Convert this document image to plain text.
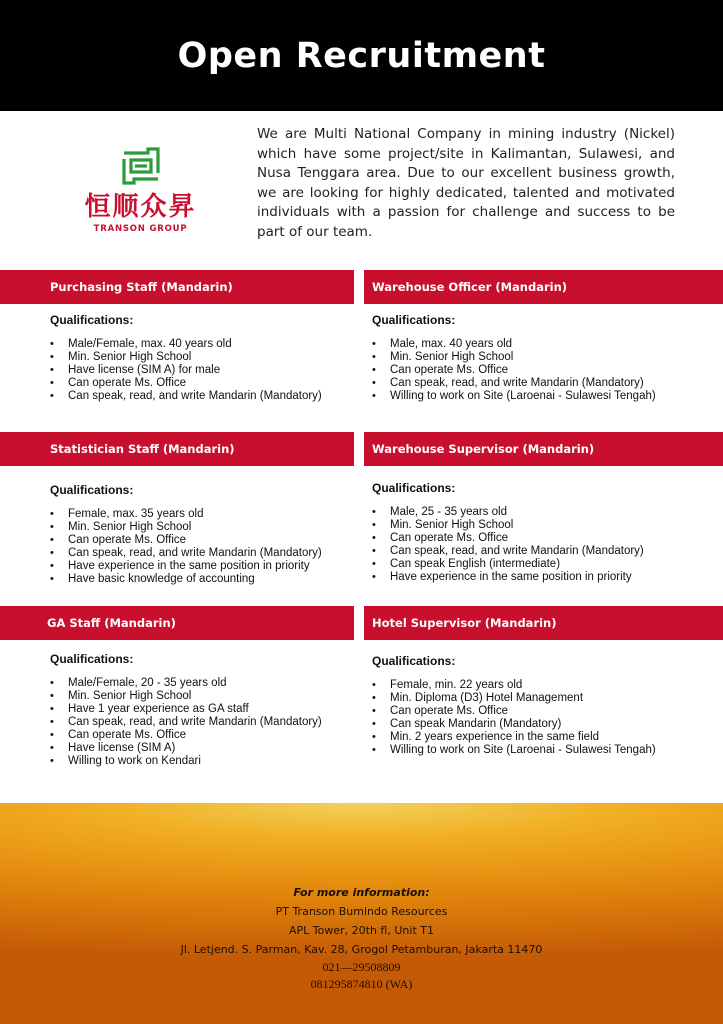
Open Recruitment
恒顺众昇
TRANSON GROUP

We are Multi National Company in mining industry (Nickel) which have some project/site in Kalimantan, Sulawesi, and Nusa Tenggara area. Due to our excellent business growth, we are looking for highly dedicated, talented and motivated individuals with a passion for challenge and success to be part of our team.

Purchasing Staff (Mandarin)	Warehouse Officer (Mandarin)
Qualifications:
• Male/Female, max. 40 years old
• Min. Senior High School
• Have license (SIM A) for male
• Can operate Ms. Office
• Can speak, read, and write Mandarin (Mandatory)
Qualifications:
• Male, max. 40 years old
• Min. Senior High School
• Can operate Ms. Office
• Can speak, read, and write Mandarin (Mandatory)
• Willing to work on Site (Laroenai - Sulawesi Tengah)
Statistician Staff (Mandarin)	Warehouse Supervisor (Mandarin)
Qualifications:
• Female, max. 35 years old
• Min. Senior High School
• Can operate Ms. Office
• Can speak, read, and write Mandarin (Mandatory)
• Have experience in the same position in priority
• Have basic knowledge of accounting
Qualifications:
• Male, 25 - 35 years old
• Min. Senior High School
• Can operate Ms. Office
• Can speak, read, and write Mandarin (Mandatory)
• Can speak English (intermediate)
• Have experience in the same position in priority
GA Staff (Mandarin)	Hotel Supervisor (Mandarin)
Qualifications:
• Male/Female, 20 - 35 years old
• Min. Senior High School
• Have 1 year experience as GA staff
• Can speak, read, and write Mandarin (Mandatory)
• Can operate Ms. Office
• Have license (SIM A)
• Willing to work on Kendari
Qualifications:
• Female, min. 22 years old
• Min. Diploma (D3) Hotel Management
• Can operate Ms. Office
• Can speak Mandarin (Mandatory)
• Min. 2 years experience in the same field
• Willing to work on Site (Laroenai - Sulawesi Tengah)

For more information:

PT Transon Bumindo Resources

APL Tower, 20th fl, Unit T1

Jl. Letjend. S. Parman, Kav. 28, Grogol Petamburan, Jakarta 11470

021—29508809

081295874810 (WA)
